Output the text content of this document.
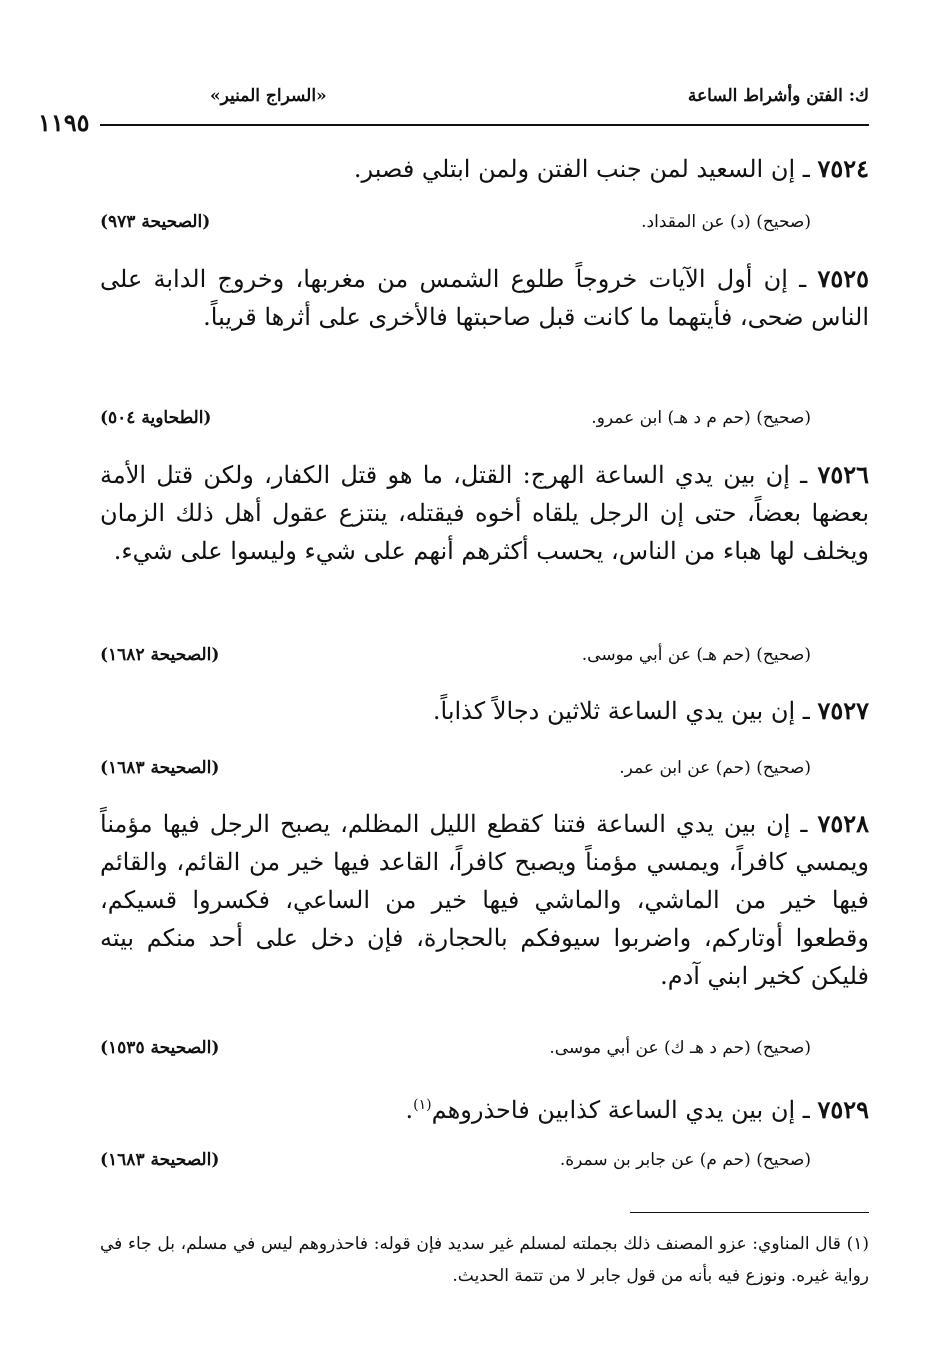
ك: الفتن وأشراط الساعة
«السراج المنير»
١١٩٥
٧٥٢٤ ـ إن السعيد لمن جنب الفتن ولمن ابتلي فصبر.
(صحيح) (د) عن المقداد.
(الصحيحة ٩٧٣)
٧٥٢٥ ـ إن أول الآيات خروجاً طلوع الشمس من مغربها، وخروج الدابة على الناس ضحى، فأيتهما ما كانت قبل صاحبتها فالأخرى على أثرها قريباً.
(صحيح) (حم م د هـ) ابن عمرو.
(الطحاوية ٥٠٤)
٧٥٢٦ ـ إن بين يدي الساعة الهرج: القتل، ما هو قتل الكفار، ولكن قتل الأمة بعضها بعضاً، حتى إن الرجل يلقاه أخوه فيقتله، ينتزع عقول أهل ذلك الزمان ويخلف لها هباء من الناس، يحسب أكثرهم أنهم على شيء وليسوا على شيء.
(صحيح) (حم هـ) عن أبي موسى.
(الصحيحة ١٦٨٢)
٧٥٢٧ ـ إن بين يدي الساعة ثلاثين دجالاً كذاباً.
(صحيح) (حم) عن ابن عمر.
(الصحيحة ١٦٨٣)
٧٥٢٨ ـ إن بين يدي الساعة فتنا كقطع الليل المظلم، يصبح الرجل فيها مؤمناً ويمسي كافراً، ويمسي مؤمناً ويصبح كافراً، القاعد فيها خير من القائم، والقائم فيها خير من الماشي، والماشي فيها خير من الساعي، فكسروا قسيكم، وقطعوا أوتاركم، واضربوا سيوفكم بالحجارة، فإن دخل على أحد منكم بيته فليكن كخير ابني آدم.
(صحيح) (حم د هـ ك) عن أبي موسى.
(الصحيحة ١٥٣٥)
٧٥٢٩ ـ إن بين يدي الساعة كذابين فاحذروهم$^{(١)}$.
(صحيح) (حم م) عن جابر بن سمرة.
(الصحيحة ١٦٨٣)
(١) قال المناوي: عزو المصنف ذلك بجملته لمسلم غير سديد فإن قوله: فاحذروهم ليس في مسلم، بل جاء في رواية غيره. ونوزع فيه بأنه من قول جابر لا من تتمة الحديث.
